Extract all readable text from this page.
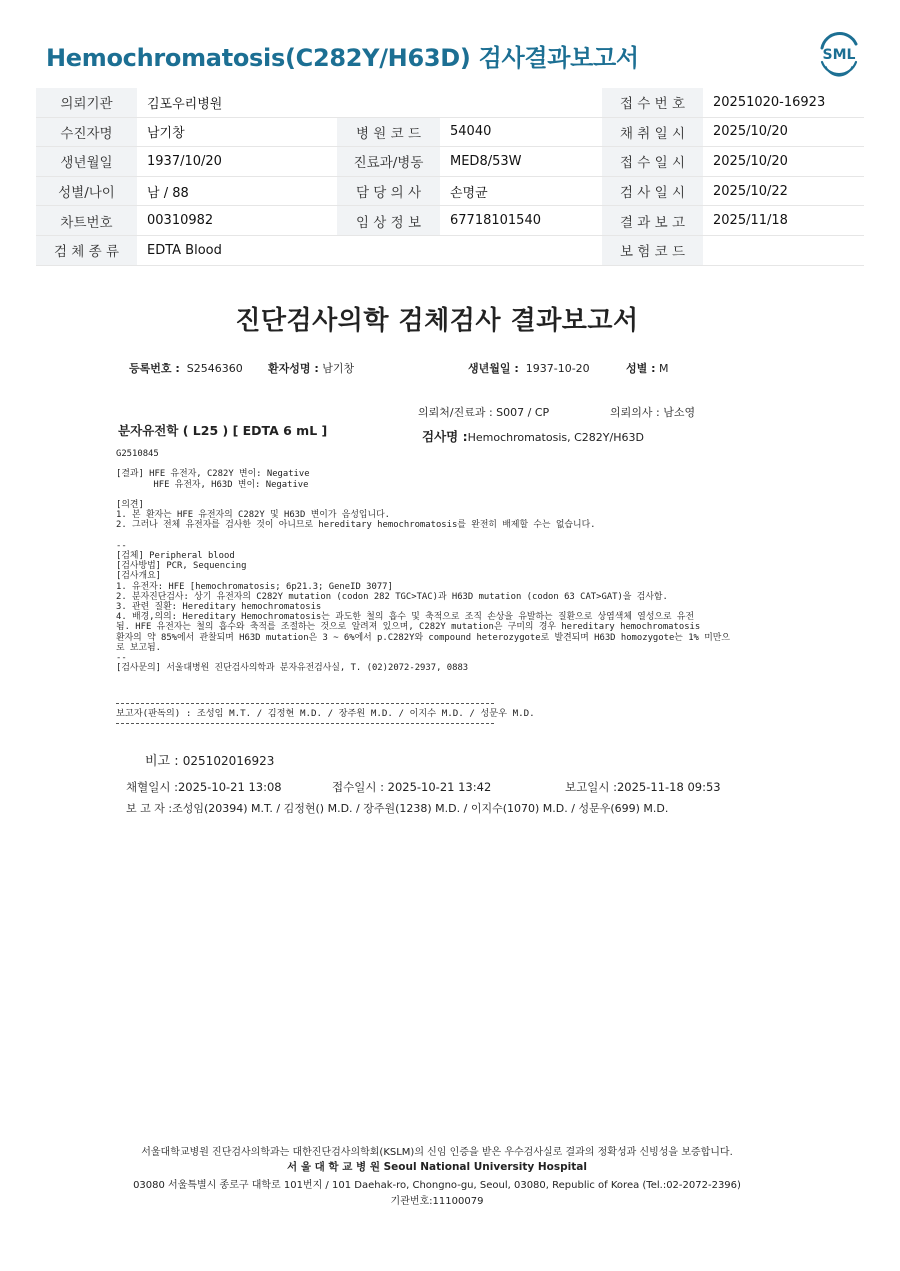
Hemochromatosis(C282Y/H63D) 검사결과보고서	SML
의뢰기관	김포우리병원				접 수 번 호	20251020-16923
수진자명	남기창	병 원 코 드	54040		채 취 일 시	2025/10/20
생년월일	1937/10/20	진료과/병동	MED8/53W		접 수 일 시	2025/10/20
성별/나이	남 / 88	담 당 의 사	손명균		검 사 일 시	2025/10/22
차트번호	00310982	임 상 정 보	67718101540		결 과 보 고	2025/11/18
검 체 종 류	EDTA Blood				보 험 코 드	
진단검사의학 검체검사 결과보고서
등록번호 : S2546360 환자성명 : 남기창	생년월일 : 1937-10-20	성별 : M
의뢰처/진료과 : S007 / CP	의뢰의사 : 남소영
분자유전학 ( L25 ) [ EDTA 6 mL ]	검사명 :Hemochromatosis, C282Y/H63D
G2510845

[결과] HFE 유전자, C282Y 변이: Negative
HFE 유전자, H63D 변이: Negative

[의견]
1. 본 환자는 HFE 유전자의 C282Y 및 H63D 변이가 음성입니다.
2. 그러나 전체 유전자를 검사한 것이 아니므로 hereditary hemochromatosis를 완전히 배제할 수는 없습니다.

--
[검체] Peripheral blood
[검사방법] PCR, Sequencing
[검사개요]
1. 유전자: HFE [hemochromatosis; 6p21.3; GeneID 3077]
2. 분자진단검사: 상기 유전자의 C282Y mutation (codon 282 TGC>TAC)과 H63D mutation (codon 63 CAT>GAT)을 검사함.
3. 관련 질환: Hereditary hemochromatosis
4. 배경,의의: Hereditary Hemochromatosis는 과도한 철의 흡수 및 축적으로 조직 손상을 유발하는 질환으로 상염색체 열성으로 유전
됨. HFE 유전자는 철의 흡수와 축적를 조절하는 것으로 알려져 있으며, C282Y mutation은 구미의 경우 hereditary hemochromatosis
환자의 약 85%에서 관찰되며 H63D mutation은 3 ~ 6%에서 p.C282Y와 compound heterozygote로 발견되며 H63D homozygote는 1% 미만으
로 보고됨.
--
[검사문의] 서울대병원 진단검사의학과 분자유전검사실, T. (02)2072-2937, 0883
보고자(판독의) : 조성임 M.T. / 김정현 M.D. / 장주원 M.D. / 이지수 M.D. / 성문우 M.D.
비고 : 025102016923
채혈일시 :2025-10-21 13:08	접수일시 : 2025-10-21 13:42	보고일시 :2025-11-18 09:53
보 고 자 :조성임(20394) M.T. / 김정현() M.D. / 장주원(1238) M.D. / 이지수(1070) M.D. / 성문우(699) M.D.
서울대학교병원 진단검사의학과는 대한진단검사의학회(KSLM)의 신임 인증을 받은 우수검사실로 결과의 정확성과 신빙성을 보증합니다.
서 울 대 학 교 병 원 Seoul National University Hospital
03080 서울특별시 종로구 대학로 101번지 / 101 Daehak-ro, Chongno-gu, Seoul, 03080, Republic of Korea (Tel.:02-2072-2396)
기관번호:11100079
